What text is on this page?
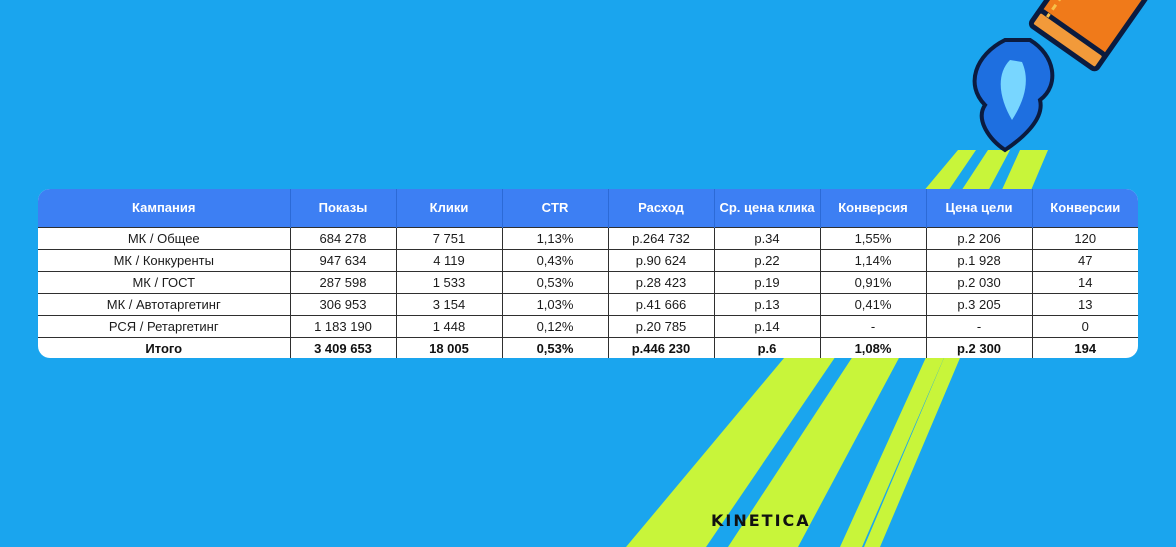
Кампания	Показы	Клики	CTR	Расход	Ср. цена клика	Конверсия	Цена цели	Конверсии
МК / Общее	684 278	7 751	1,13%	р.264 732	р.34	1,55%	р.2 206	120
МК / Конкуренты	947 634	4 119	0,43%	р.90 624	р.22	1,14%	р.1 928	47
МК / ГОСТ	287 598	1 533	0,53%	р.28 423	р.19	0,91%	р.2 030	14
МК / Автотаргетинг	306 953	3 154	1,03%	р.41 666	р.13	0,41%	р.3 205	13
РСЯ / Ретаргетинг	1 183 190	1 448	0,12%	р.20 785	р.14	-	-	0
Итого	3 409 653	18 005	0,53%	р.446 230	р.6	1,08%	р.2 300	194
KINETICA
